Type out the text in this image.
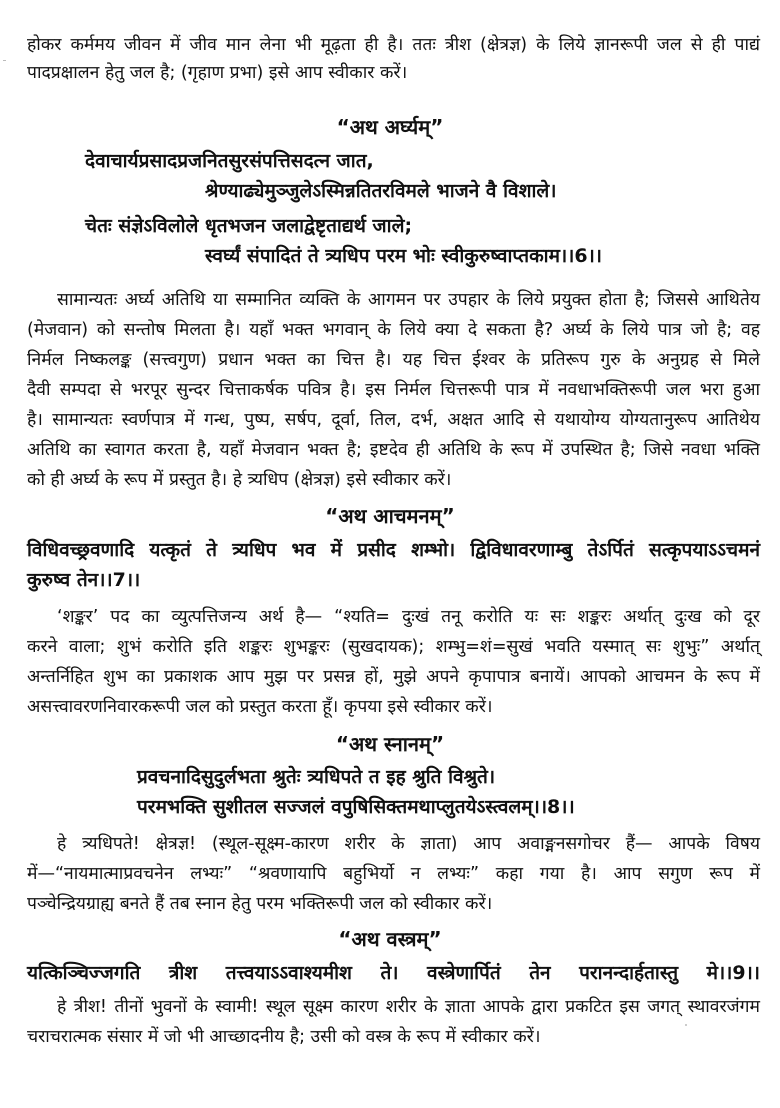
होकर कर्ममय जीवन में जीव मान लेना भी मूढ़ता ही है। ततः त्रीश (क्षेत्रज्ञ) के लिये ज्ञानरूपी जल से ही पाद्यं
पादप्रक्षालन हेतु जल है; (गृहाण प्रभा) इसे आप स्वीकार करें।
“अथ अर्घ्यम्”
देवाचार्यप्रसादप्रजनितसुरसंपत्तिसदत्न जात,
श्रेण्याढ्येमुञ्जुलेऽस्मिन्नतितरविमले भाजने वै विशाले।
चेतः संज्ञेऽविलोले धृतभजन जलाद्वेष्टृताद्यर्थ जाले;
स्वर्घ्यं संपादितं ते त्र्यधिप परम भोः स्वीकुरुष्वाप्तकाम।।6।।
सामान्यतः अर्घ्य अतिथि या सम्मानित व्यक्ति के आगमन पर उपहार के लिये प्रयुक्त होता है; जिससे आथितेय
(मेजवान) को सन्तोष मिलता है। यहाँ भक्त भगवान् के लिये क्या दे सकता है? अर्घ्य के लिये पात्र जो है; वह
निर्मल निष्कलङ्क (सत्त्वगुण) प्रधान भक्त का चित्त है। यह चित्त ईश्वर के प्रतिरूप गुरु के अनुग्रह से मिले
दैवी सम्पदा से भरपूर सुन्दर चित्ताकर्षक पवित्र है। इस निर्मल चित्तरूपी पात्र में नवधाभक्तिरूपी जल भरा हुआ
है। सामान्यतः स्वर्णपात्र में गन्ध, पुष्प, सर्षप, दूर्वा, तिल, दर्भ, अक्षत आदि से यथायोग्य योग्यतानुरूप आतिथेय
अतिथि का स्वागत करता है, यहाँ मेजवान भक्त है; इष्टदेव ही अतिथि के रूप में उपस्थित है; जिसे नवधा भक्ति
को ही अर्घ्य के रूप में प्रस्तुत है। हे त्र्यधिप (क्षेत्रज्ञ) इसे स्वीकार करें।
“अथ आचमनम्”
विधिवच्छ्रवणादि यत्कृतं ते त्र्यधिप भव में प्रसीद शम्भो। द्विविधावरणाम्बु तेऽर्पितं सत्कृपयाऽऽचमनं
कुरुष्व तेन।।7।।
‘शङ्कर’ पद का व्युत्पत्तिजन्य अर्थ है— “श्यति= दुःखं तनू करोति यः सः शङ्करः अर्थात् दुःख को दूर
करने वाला; शुभं करोति इति शङ्करः शुभङ्करः (सुखदायक); शम्भु=शं=सुखं भवति यस्मात् सः शुभुः” अर्थात्
अन्तर्निहित शुभ का प्रकाशक आप मुझ पर प्रसन्न हों, मुझे अपने कृपापात्र बनायें। आपको आचमन के रूप में
असत्त्वावरणनिवारकरूपी जल को प्रस्तुत करता हूँ। कृपया इसे स्वीकार करें।
“अथ स्नानम्”
प्रवचनादिसुदुर्लभता श्रुतेः त्र्यधिपते त इह श्रुति विश्रुते।
परमभक्ति सुशीतल सज्जलं वपुषिसिक्तमथाप्लुतयेऽस्त्वलम्।।8।।
हे त्र्यधिपते! क्षेत्रज्ञ! (स्थूल-सूक्ष्म-कारण शरीर के ज्ञाता) आप अवाङ्मनसगोचर हैं— आपके विषय
में—“नायमात्माप्रवचनेन लभ्यः” “श्रवणायापि बहुभिर्यो न लभ्यः” कहा गया है। आप सगुण रूप में
पञ्चेन्द्रियग्राह्य बनते हैं तब स्नान हेतु परम भक्तिरूपी जल को स्वीकार करें।
“अथ वस्त्रम्”
यत्किञ्चिज्जगति त्रीश तत्त्वयाऽऽवाश्यमीश ते। वस्त्रेणार्पितं तेन परानन्दार्हतास्तु मे।।9।।
हे त्रीश! तीनों भुवनों के स्वामी! स्थूल सूक्ष्म कारण शरीर के ज्ञाता आपके द्वारा प्रकटित इस जगत् स्थावरजंगम
चराचरात्मक संसार में जो भी आच्छादनीय है; उसी को वस्त्र के रूप में स्वीकार करें।
